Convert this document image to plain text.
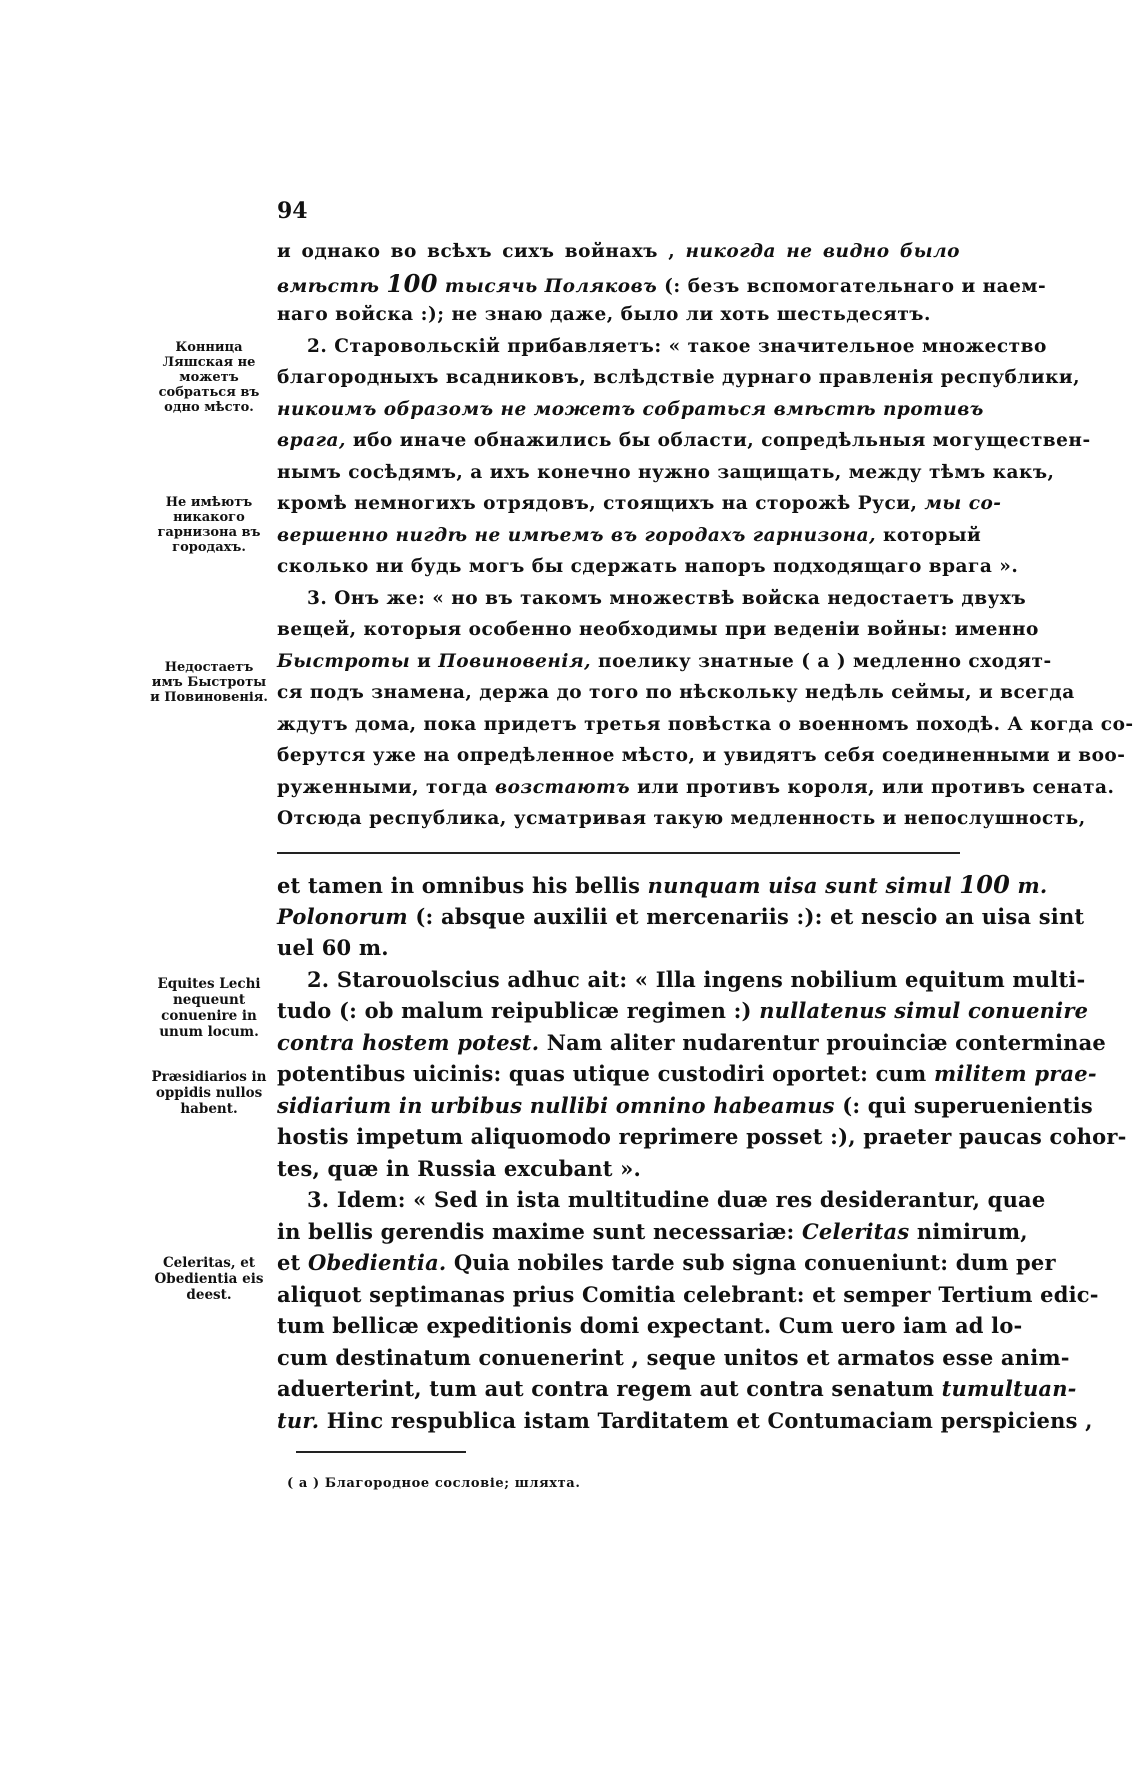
94
Конница Ляшская не можетъ собраться въ одно мѣсто.
Не имѣютъ никакого гарнизона въ городахъ.
Недостаетъ имъ Быстроты и Повиновенія.
и однако во всѣхъ сихъ войнахъ , никогда не видно было
вмѣстѣ 100 тысячь Поляковъ (: безъ вспомогательнаго и наем-
наго войска :); не знаю даже, было ли хоть шестьдесятъ.
2. Старовольскій прибавляетъ: « такое значительное множество
благородныхъ всадниковъ, вслѣдствіе дурнаго правленія республики,
никоимъ образомъ не можетъ собраться вмѣстѣ противъ
врага, ибо иначе обнажились бы области, сопредѣльныя могуществен-
нымъ сосѣдямъ, а ихъ конечно нужно защищать, между тѣмъ какъ,
кромѣ немногихъ отрядовъ, стоящихъ на сторожѣ Руси, мы со-
вершенно нигдѣ не имѣемъ въ городахъ гарнизона, который
сколько ни будь могъ бы сдержать напоръ подходящаго врага ».
3. Онъ же: « но въ такомъ множествѣ войска недостаетъ двухъ
вещей, которыя особенно необходимы при веденіи войны: именно
Быстроты и Повиновенія, поелику знатные ( а ) медленно сходят-
ся подъ знамена, держа до того по нѣскольку недѣль сеймы, и всегда
ждутъ дома, пока придетъ третья повѣстка о военномъ походѣ. А когда со-
берутся уже на опредѣленное мѣсто, и увидятъ себя соединенными и воо-
руженными, тогда возстаютъ или противъ короля, или противъ сената.
Отсюда республика, усматривая такую медленность и непослушность,
Equites Lechi nequeunt conuenire in unum locum.
Præsidiarios in oppidis nullos habent.
Celeritas, et Obedientia eis deest.
et tamen in omnibus his bellis nunquam uisa sunt simul 100 m.
Polonorum (: absque auxilii et mercenariis :): et nescio an uisa sint
uel 60 m.
2. Starouolscius adhuc ait: « Illa ingens nobilium equitum multi-
tudo (: ob malum reipublicæ regimen :) nullatenus simul conuenire
contra hostem potest. Nam aliter nudarentur prouinciæ conterminae
potentibus uicinis: quas utique custodiri oportet: cum militem prae-
sidiarium in urbibus nullibi omnino habeamus (: qui superuenientis
hostis impetum aliquomodo reprimere posset :), praeter paucas cohor-
tes, quæ in Russia excubant ».
3. Idem: « Sed in ista multitudine duæ res desiderantur, quae
in bellis gerendis maxime sunt necessariæ: Celeritas nimirum,
et Obedientia. Quia nobiles tarde sub signa conueniunt: dum per
aliquot septimanas prius Comitia celebrant: et semper Tertium edic-
tum bellicæ expeditionis domi expectant. Cum uero iam ad lo-
cum destinatum conuenerint , seque unitos et armatos esse anim-
aduerterint, tum aut contra regem aut contra senatum tumultuan-
tur. Hinc respublica istam Tarditatem et Contumaciam perspiciens ,
( а ) Благородное сословіе; шляхта.
